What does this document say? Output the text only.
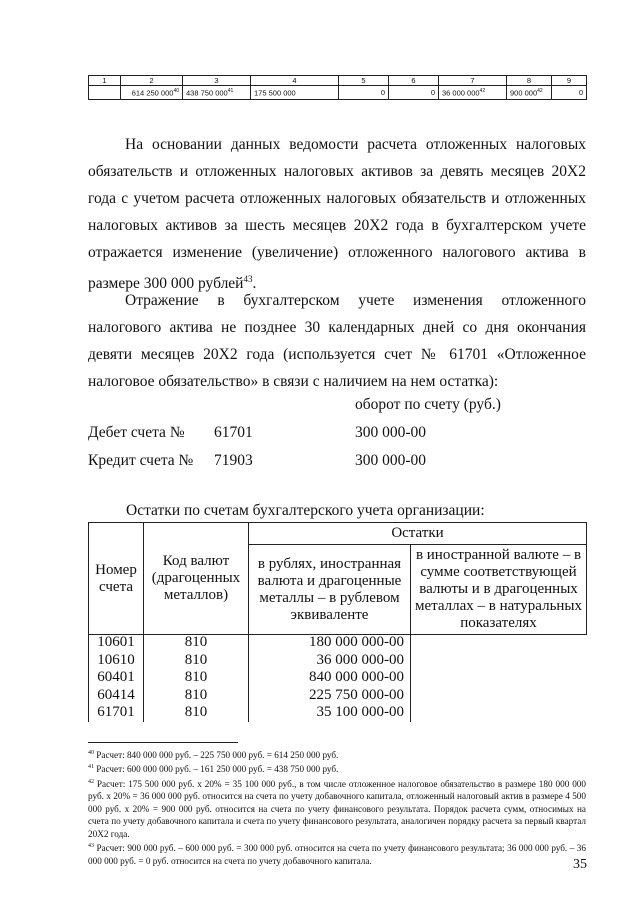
1	2	3	4	5	6	7	8	9
	614 250 $000^{40}$	438 750 $000^{41}$	175 500 000	0	0	36 000 $000^{42}$	900 $000^{42}$	0

На основании данных ведомости расчета отложенных налоговых обязательств и отложенных налоговых активов за девять месяцев 20Х2 года с учетом расчета отложенных налоговых обязательств и отложенных налоговых активов за шесть месяцев 20Х2 года в бухгалтерском учете отражается изменение (увеличение) отложенного налогового актива в размере 300 000 рублей$^{43}$.

Отражение в бухгалтерском учете изменения отложенного налогового актива не позднее 30 календарных дней со дня окончания девяти месяцев 20Х2 года (используется счет № 61701 «Отложенное налоговое обязательство» в связи с наличием на нем остатка):

оборот по счету (руб.)
Дебет счета № 61701	300 000-00
Кредит счета № 71903	300 000-00
Остатки по счетам бухгалтерского учета организации:
Номер счета	Код валют (драгоценных металлов)	Остатки	
		в рублях, иностранная валюта и драгоценные металлы – в рублевом эквиваленте	в иностранной валюте – в сумме соответствующей валюты и в драгоценных металлах – в натуральных показателях
10601	810	180 000 000-00
10610	810	36 000 000-00
60401	810	840 000 000-00
60414	810	225 750 000-00
61701	810	35 100 000-00

$^{40}$ Расчет: 840 000 000 руб. – 225 750 000 руб. = 614 250 000 руб.

$^{41}$ Расчет: 600 000 000 руб. – 161 250 000 руб. = 438 750 000 руб.

$^{42}$ Расчет: 175 500 000 руб. х 20% = 35 100 000 руб., в том числе отложенное налоговое обязательство в размере 180 000 000 руб. х 20% = 36 000 000 руб. относится на счета по учету добавочного капитала, отложенный налоговый актив в размере 4 500 000 руб. х 20% = 900 000 руб. относится на счета по учету финансового результата. Порядок расчета сумм, относимых на счета по учету добавочного капитала и счета по учету финансового результата, аналогичен порядку расчета за первый квартал 20Х2 года.

$^{43}$ Расчет: 900 000 руб. – 600 000 руб. = 300 000 руб. относится на счета по учету финансового результата; 36 000 000 руб. – 36 000 000 руб. = 0 руб. относится на счета по учету добавочного капитала.	35
